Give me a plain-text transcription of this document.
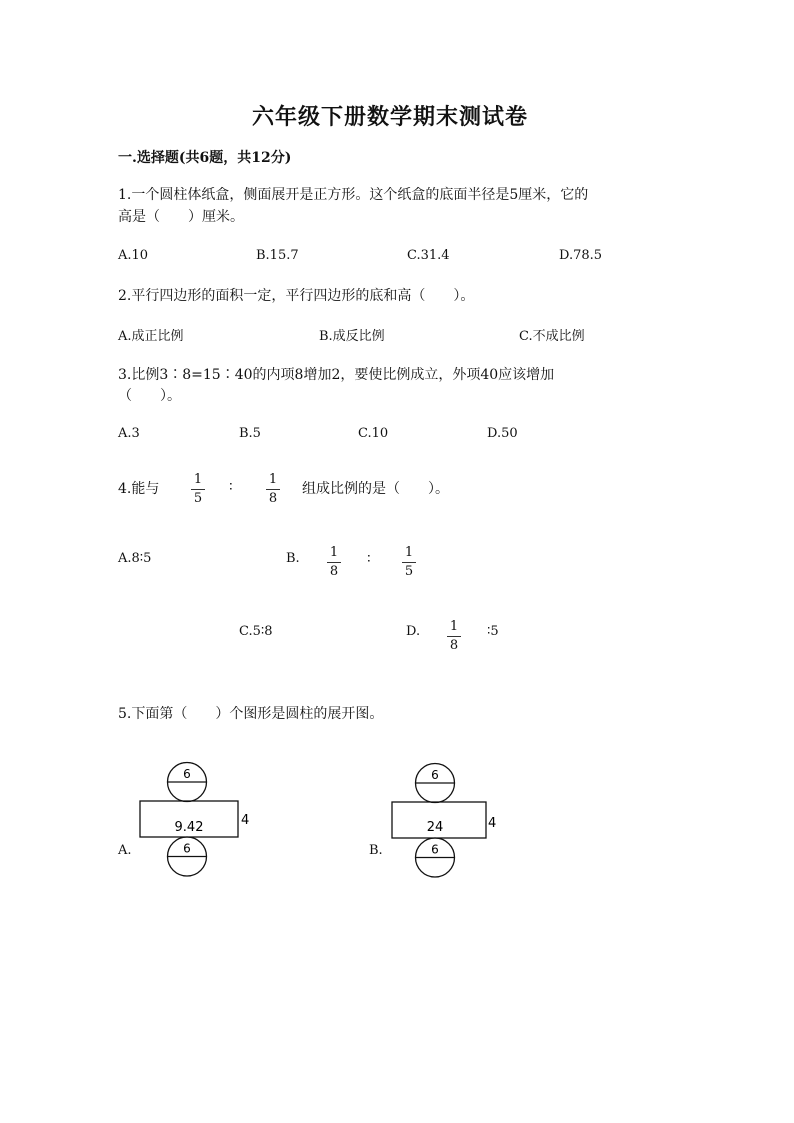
六年级下册数学期末测试卷
一.选择题(共6题，共12分)
1.一个圆柱体纸盒，侧面展开是正方形。这个纸盒的底面半径是5厘米，它的
高是（　　）厘米。
A.10	B.15.7	C.31.4	D.78.5
2.平行四边形的面积一定，平行四边形的底和高（　　）。
A.成正比例	B.成反比例	C.不成比例
3.比例3∶8=15∶40的内项8增加2，要使比例成立，外项40应该增加
（　　）。
A.3	B.5	C.10	D.50
4.能与
1
5
∶	1
8
组成比例的是（　　）。
A.8∶5	B.	1
8
∶	1
5
C.5∶8	D.	1
8
∶5
5.下面第（　　）个图形是圆柱的展开图。
A.
6
9.42	4
6	B.
6
24	4
6
